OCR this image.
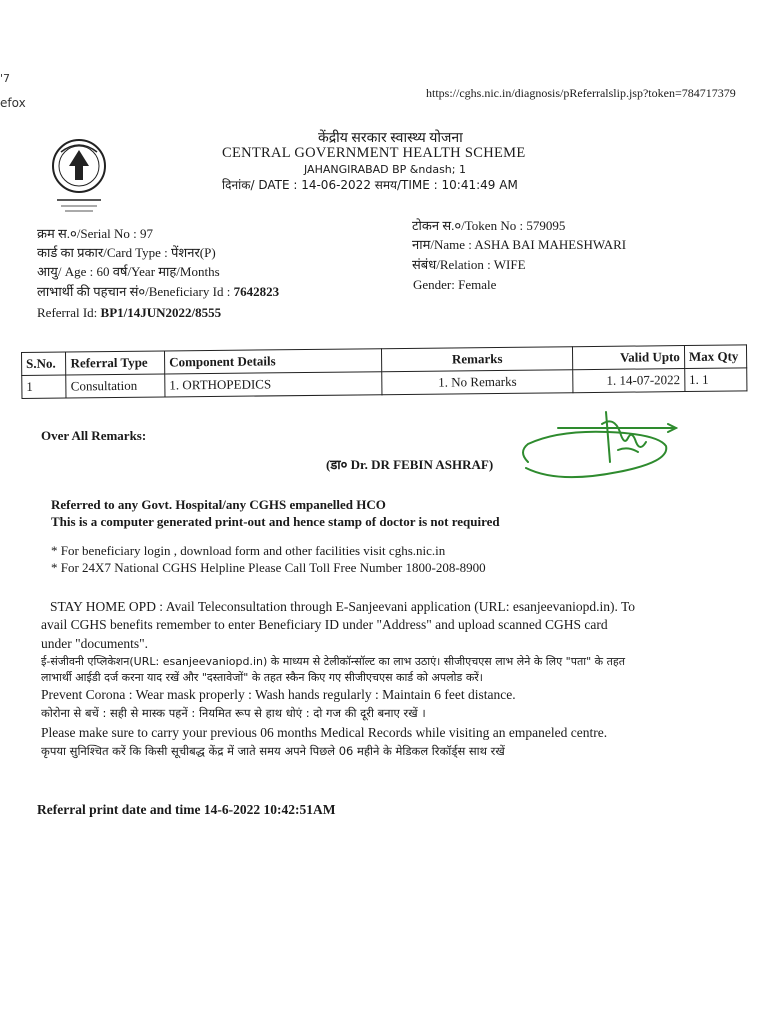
'7
efox
https://cghs.nic.in/diagnosis/pReferralslip.jsp?token=784717379
केंद्रीय सरकार स्वास्थ्य योजना
CENTRAL GOVERNMENT HEALTH SCHEME
JAHANGIRABAD BP &ndash; 1
दिनांक/ DATE : 14-06-2022 समय/TIME : 10:41:49 AM
क्रम स.०/Serial No : 97
कार्ड का प्रकार/Card Type : पेंशनर(P)
आयु/ Age : 60 वर्ष/Year माह/Months
लाभार्थी की पहचान सं०/Beneficiary Id : 7642823
Referral Id: BP1/14JUN2022/8555
टोकन स.०/Token No : 579095
नाम/Name : ASHA BAI MAHESHWARI
संबंध/Relation : WIFE
Gender: Female
S.No.	Referral Type	Component Details	Remarks	Valid Upto	Max Qty
1	Consultation	1. ORTHOPEDICS	1. No Remarks	1. 14-07-2022	1. 1
Over All Remarks:
(डा० Dr. DR FEBIN ASHRAF)
Referred to any Govt. Hospital/any CGHS empanelled HCO
This is a computer generated print-out and hence stamp of doctor is not required
* For beneficiary login , download form and other facilities visit cghs.nic.in
* For 24X7 National CGHS Helpline Please Call Toll Free Number 1800-208-8900
STAY HOME OPD : Avail Teleconsultation through E-Sanjeevani application (URL: esanjeevaniopd.in). To
avail CGHS benefits remember to enter Beneficiary ID under "Address" and upload scanned CGHS card
under "documents".
ई-संजीवनी एप्लिकेशन(URL: esanjeevaniopd.in) के माध्यम से टेलीकॉन्सॉल्ट का लाभ उठाएं। सीजीएचएस लाभ लेने के लिए "पता" के तहत
लाभार्थी आईडी दर्ज करना याद रखें और "दस्तावेजों" के तहत स्कैन किए गए सीजीएचएस कार्ड को अपलोड करें।
Prevent Corona : Wear mask properly : Wash hands regularly : Maintain 6 feet distance.
कोरोना से बचें : सही से मास्क पहनें : नियमित रूप से हाथ धोएं : दो गज की दूरी बनाए रखें ।
Please make sure to carry your previous 06 months Medical Records while visiting an empaneled centre.
कृपया सुनिश्चित करें कि किसी सूचीबद्ध केंद्र में जाते समय अपने पिछले 06 महीने के मेडिकल रिकॉर्ड्स साथ रखें
Referral print date and time 14-6-2022 10:42:51AM
